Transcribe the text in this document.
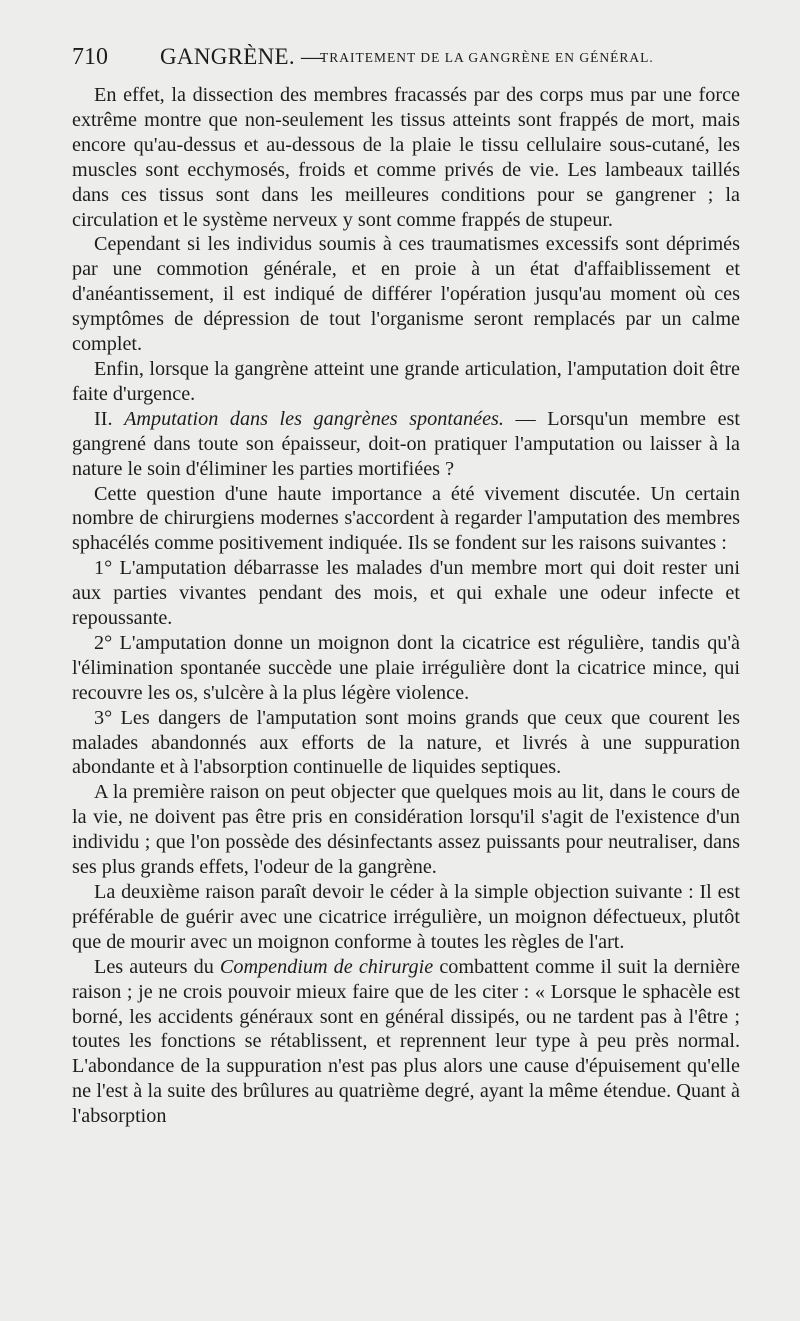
710 GANGRÈNE. —
TRAITEMENT DE LA GANGRÈNE EN GÉNÉRAL.

En effet, la dissection des membres fracassés par des corps mus par une force extrême montre que non-seulement les tissus atteints sont frappés de mort, mais encore qu'au-dessus et au-dessous de la plaie le tissu cellulaire sous-cutané, les muscles sont ecchymosés, froids et comme privés de vie. Les lambeaux taillés dans ces tissus sont dans les meilleures conditions pour se gangrener ; la circulation et le système nerveux y sont comme frappés de stupeur.

Cependant si les individus soumis à ces traumatismes excessifs sont déprimés par une commotion générale, et en proie à un état d'affaiblissement et d'anéantissement, il est indiqué de différer l'opération jusqu'au moment où ces symptômes de dépression de tout l'organisme seront remplacés par un calme complet.

Enfin, lorsque la gangrène atteint une grande articulation, l'amputation doit être faite d'urgence.

II. Amputation dans les gangrènes spontanées. — Lorsqu'un membre est gangrené dans toute son épaisseur, doit-on pratiquer l'amputation ou laisser à la nature le soin d'éliminer les parties mortifiées ?

Cette question d'une haute importance a été vivement discutée. Un certain nombre de chirurgiens modernes s'accordent à regarder l'amputation des membres sphacélés comme positivement indiquée. Ils se fondent sur les raisons suivantes :

1° L'amputation débarrasse les malades d'un membre mort qui doit rester uni aux parties vivantes pendant des mois, et qui exhale une odeur infecte et repoussante.

2° L'amputation donne un moignon dont la cicatrice est régulière, tandis qu'à l'élimination spontanée succède une plaie irrégulière dont la cicatrice mince, qui recouvre les os, s'ulcère à la plus légère violence.

3° Les dangers de l'amputation sont moins grands que ceux que courent les malades abandonnés aux efforts de la nature, et livrés à une suppuration abondante et à l'absorption continuelle de liquides septiques.

A la première raison on peut objecter que quelques mois au lit, dans le cours de la vie, ne doivent pas être pris en considération lorsqu'il s'agit de l'existence d'un individu ; que l'on possède des désinfectants assez puissants pour neutraliser, dans ses plus grands effets, l'odeur de la gangrène.

La deuxième raison paraît devoir le céder à la simple objection suivante : Il est préférable de guérir avec une cicatrice irrégulière, un moignon défectueux, plutôt que de mourir avec un moignon conforme à toutes les règles de l'art.

Les auteurs du Compendium de chirurgie combattent comme il suit la dernière raison ; je ne crois pouvoir mieux faire que de les citer : « Lorsque le sphacèle est borné, les accidents généraux sont en général dissipés, ou ne tardent pas à l'être ; toutes les fonctions se rétablissent, et reprennent leur type à peu près normal. L'abondance de la suppuration n'est pas plus alors une cause d'épuisement qu'elle ne l'est à la suite des brûlures au quatrième degré, ayant la même étendue. Quant à l'absorption
